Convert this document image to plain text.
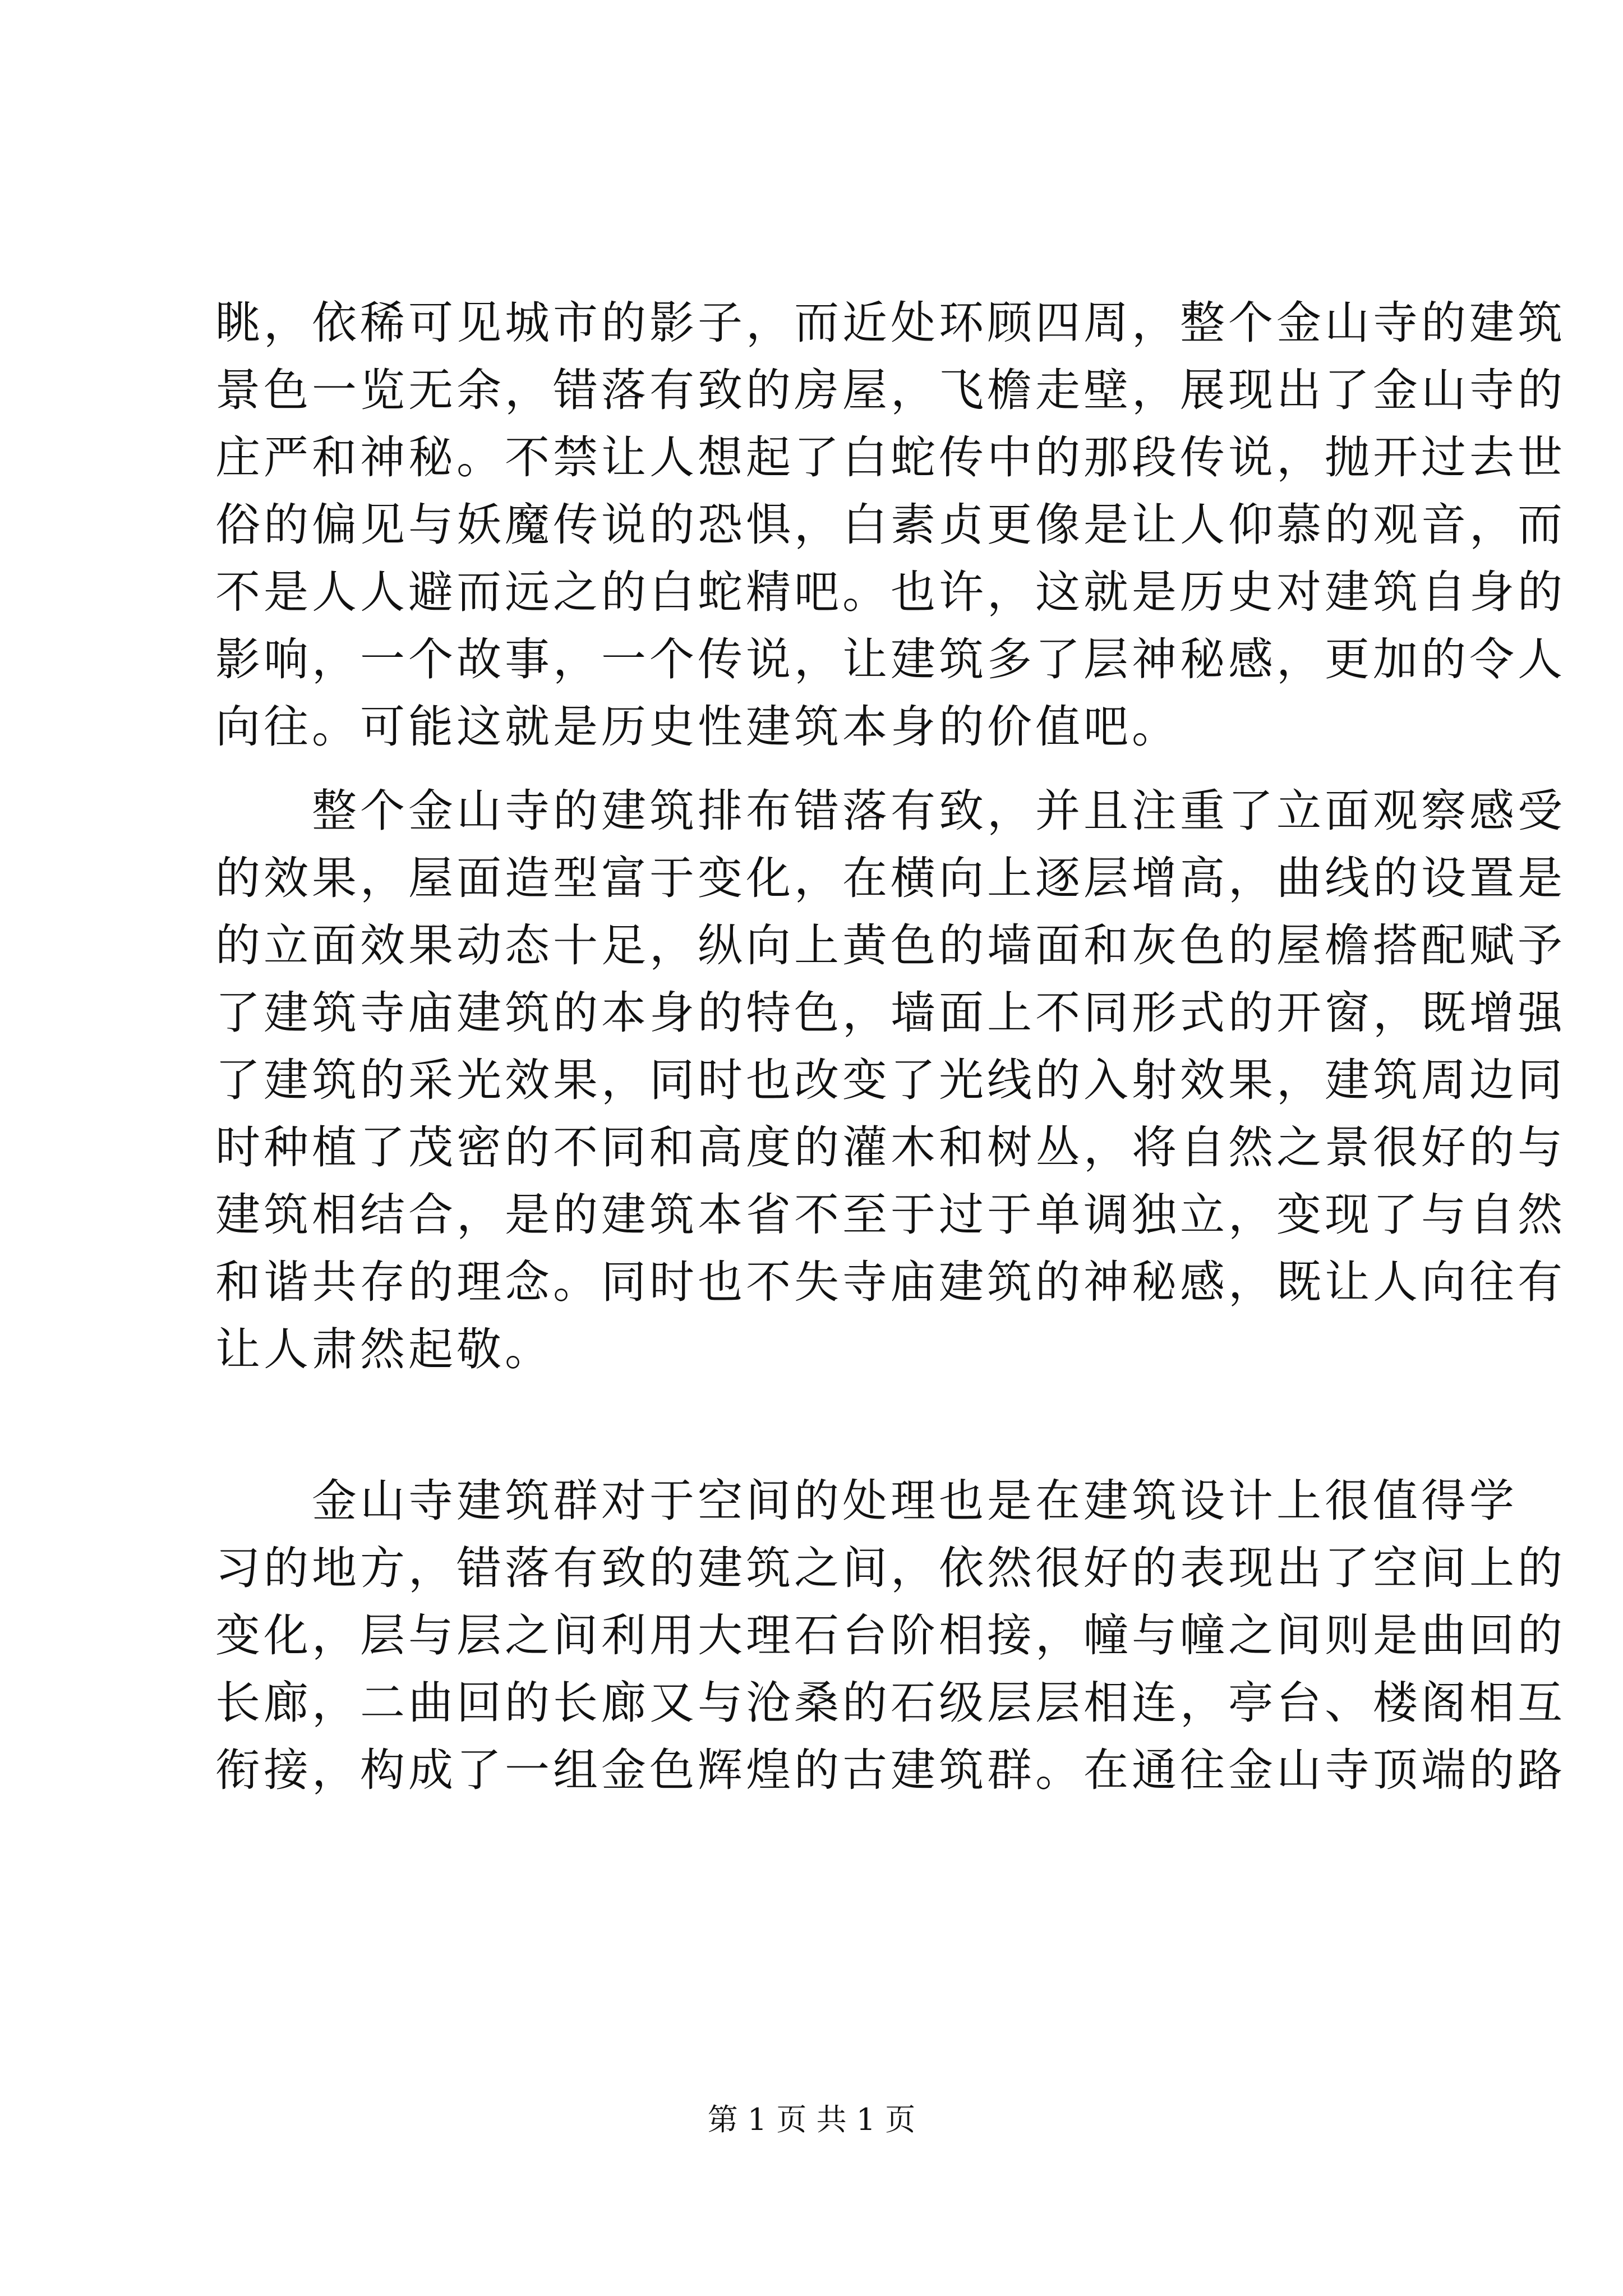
眺，依稀可见城市的影子，而近处环顾四周，整个金山寺的建筑
景色一览无余，错落有致的房屋，飞檐走壁，展现出了金山寺的
庄严和神秘。不禁让人想起了白蛇传中的那段传说，抛开过去世
俗的偏见与妖魔传说的恐惧，白素贞更像是让人仰慕的观音，而
不是人人避而远之的白蛇精吧。也许，这就是历史对建筑自身的
影响，一个故事，一个传说，让建筑多了层神秘感，更加的令人
向往。可能这就是历史性建筑本身的价值吧。
　　整个金山寺的建筑排布错落有致，并且注重了立面观察感受
的效果，屋面造型富于变化，在横向上逐层增高，曲线的设置是
的立面效果动态十足，纵向上黄色的墙面和灰色的屋檐搭配赋予
了建筑寺庙建筑的本身的特色，墙面上不同形式的开窗，既增强
了建筑的采光效果，同时也改变了光线的入射效果，建筑周边同
时种植了茂密的不同和高度的灌木和树丛，将自然之景很好的与
建筑相结合，是的建筑本省不至于过于单调独立，变现了与自然
和谐共存的理念。同时也不失寺庙建筑的神秘感，既让人向往有
让人肃然起敬。
　　金山寺建筑群对于空间的处理也是在建筑设计上很值得学
习的地方，错落有致的建筑之间，依然很好的表现出了空间上的
变化，层与层之间利用大理石台阶相接，幢与幢之间则是曲回的
长廊，二曲回的长廊又与沧桑的石级层层相连，亭台、楼阁相互
衔接，构成了一组金色辉煌的古建筑群。在通往金山寺顶端的路
第 1 页 共 1 页
